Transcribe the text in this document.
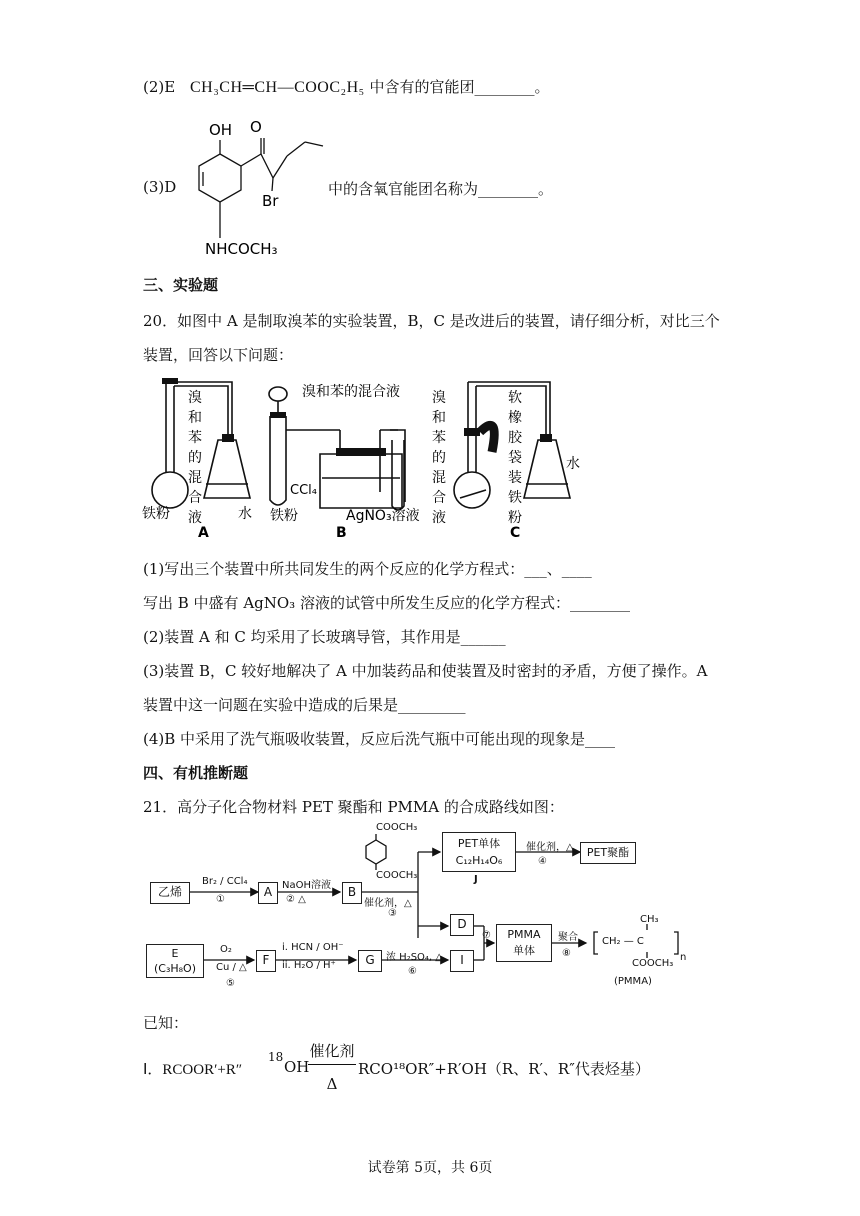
(2)E CH₃CH═CH—COOC₂H₅ 中含有的官能团________。
(3)D
OH O
Br
NHCOCH₃
中的含氧官能团名称为________。
三、实验题
20．如图中 A 是制取溴苯的实验装置，B，C 是改进后的装置，请仔细分析，对比三个
装置，回答以下问题：
溴
和
苯
的
混
合
液
铁粉	水
A
溴和苯的混合液
CCl₄
铁粉	AgNO₃溶液
B
溴
和
苯
的
混
合
液
软
橡
胶
袋
装
铁
粉
水
C
(1)写出三个装置中所共同发生的两个反应的化学方程式：___、____
写出 B 中盛有 AgNO₃ 溶液的试管中所发生反应的化学方程式：________
(2)装置 A 和 C 均采用了长玻璃导管，其作用是______
(3)装置 B，C 较好地解决了 A 中加装药品和使装置及时密封的矛盾，方便了操作。A
装置中这一问题在实验中造成的后果是_________
(4)B 中采用了洗气瓶吸收装置，反应后洗气瓶中可能出现的现象是____
四、有机推断题
21．高分子化合物材料 PET 聚酯和 PMMA 的合成路线如图：
乙烯
Br₂ / CCl₄
①
A NaOH溶液
② △
B
COOCH₃
COOCH₃
催化剂，△
③
PET单体
C₁₂H₁₄O₆
J
催化剂，△
④
PET聚酯
D
⑦	PMMA
单体
聚合
⑧
CH₃
CH₂ — C
n
COOCH₃
(PMMA)
E
(C₃H₈O)
O₂
Cu / △
⑤
F
i. HCN / OH⁻
ii. H₂O / H⁺	G	浓 H₂SO₄, △
⑥
I
已知：
Ⅰ．RCOOR′+R″
18
OH
催化剂
Δ
RCO¹⁸OR″+R′OH（R、R′、R″代表烃基）
试卷第 5页，共 6页
